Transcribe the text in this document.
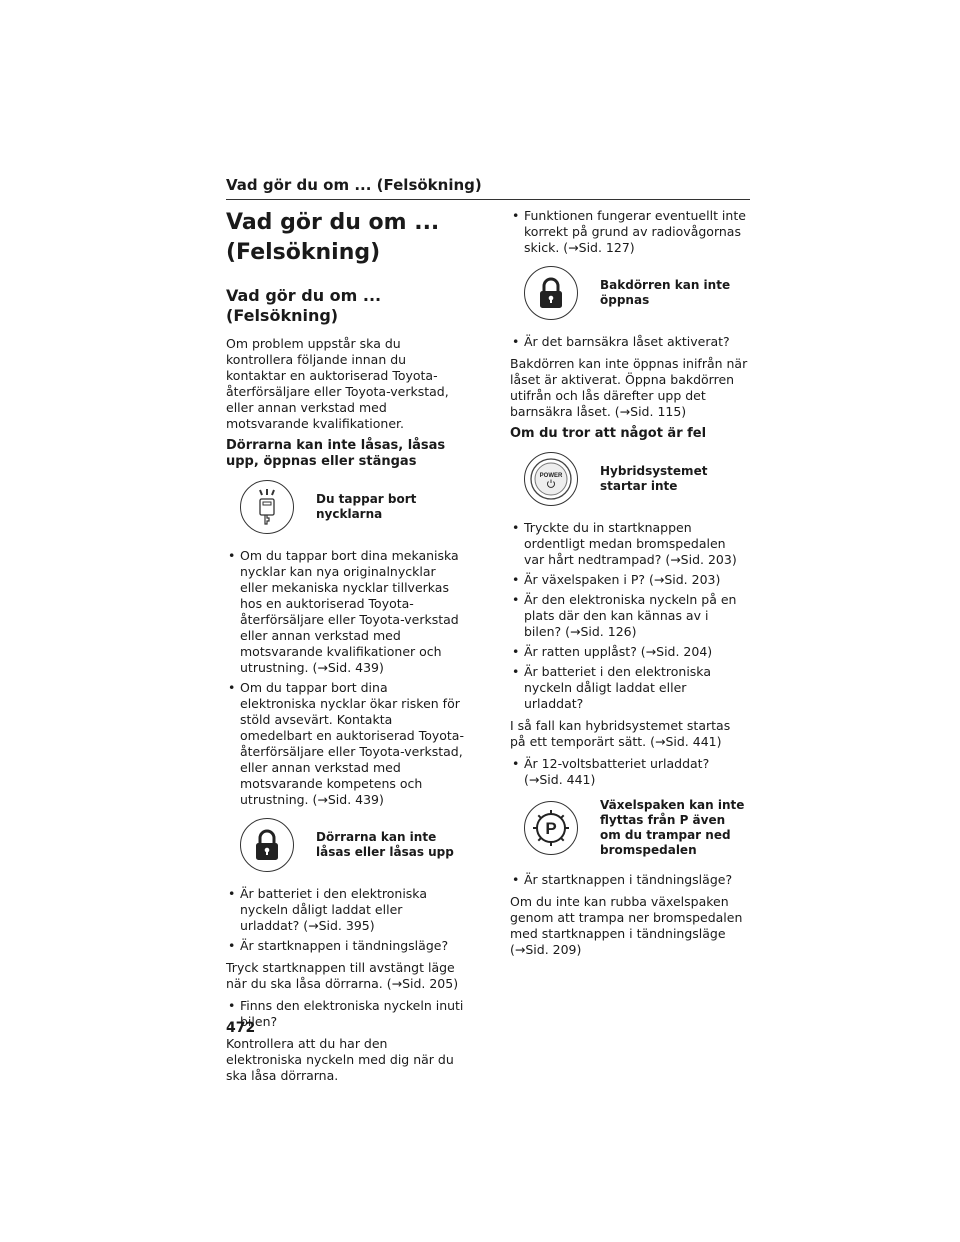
Vad gör du om ... (Felsökning)
Vad gör du om ... (Felsökning)
Vad gör du om ... (Felsökning)

Om problem uppstår ska du kontrollera följande innan du kontaktar en auktoriserad Toyota-återförsäljare eller Toyota-verkstad, eller annan verkstad med motsvarande kvalifikationer.

Dörrarna kan inte låsas, låsas upp, öppnas eller stängas
Du tappar bort nycklarna
• Om du tappar bort dina mekaniska nycklar kan nya originalnycklar eller mekaniska nycklar tillverkas hos en auktoriserad Toyota-återförsäljare eller Toyota-verkstad eller annan verkstad med motsvarande kvalifikationer och utrustning. (→Sid. 439)
• Om du tappar bort dina elektroniska nycklar ökar risken för stöld avsevärt. Kontakta omedelbart en auktoriserad Toyota-återförsäljare eller Toyota-verkstad, eller annan verkstad med motsvarande kompetens och utrustning. (→Sid. 439)
Dörrarna kan inte låsas eller låsas upp
• Är batteriet i den elektroniska nyckeln dåligt laddat eller urladdat? (→Sid. 395)
• Är startknappen i tändningsläge?

Tryck startknappen till avstängt läge när du ska låsa dörrarna. (→Sid. 205)

• Finns den elektroniska nyckeln inuti bilen?

Kontrollera att du har den elektroniska nyckeln med dig när du ska låsa dörrarna.

• Funktionen fungerar eventuellt inte korrekt på grund av radiovågornas skick. (→Sid. 127)
Bakdörren kan inte öppnas
• Är det barnsäkra låset aktiverat?

Bakdörren kan inte öppnas inifrån när låset är aktiverat. Öppna bakdörren utifrån och lås därefter upp det barnsäkra låset. (→Sid. 115)

Om du tror att något är fel
POWER	Hybridsystemet startar inte
• Tryckte du in startknappen ordentligt medan bromspedalen var hårt nedtrampad? (→Sid. 203)
• Är växelspaken i P? (→Sid. 203)
• Är den elektroniska nyckeln på en plats där den kan kännas av i bilen? (→Sid. 126)
• Är ratten upplåst? (→Sid. 204)
• Är batteriet i den elektroniska nyckeln dåligt laddat eller urladdat?

I så fall kan hybridsystemet startas på ett temporärt sätt. (→Sid. 441)

• Är 12-voltsbatteriet urladdat? (→Sid. 441)
P
Växelspaken kan inte flyttas från P även om du trampar ned bromspedalen
• Är startknappen i tändningsläge?

Om du inte kan rubba växelspaken genom att trampa ner bromspedalen med startknappen i tändningsläge (→Sid. 209)

472
